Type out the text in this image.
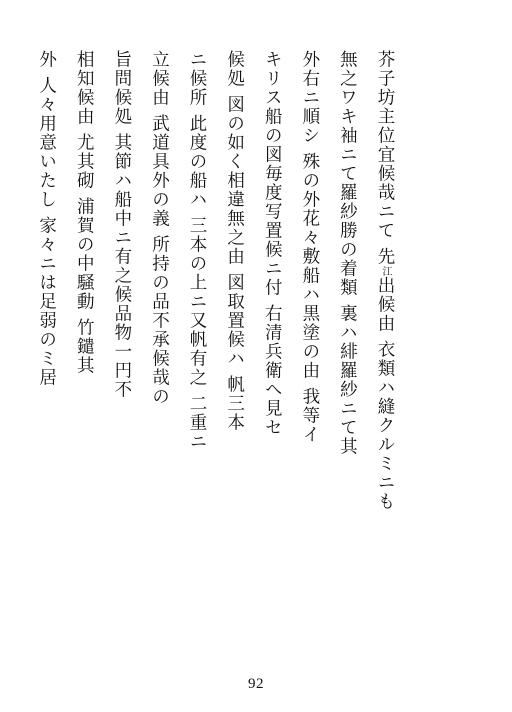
芥子坊主位宜候哉ニて 先江出候由 衣類ハ縫クルミニも
無之ワキ袖ニて羅紗勝の着類 裏ハ緋羅紗ニて其
外右ニ順シ 殊の外花々敷船ハ黒塗の由 我等イ
キリス船の図毎度写置候ニ付 右清兵衛へ見セ
候処 図の如く相違無之由 図取置候ハ 帆三本
ニ候所 此度の船ハ 三本の上ニ又帆有之 二重ニ
立候由 武道具外の義 所持の品不承候哉の
旨問候処 其節ハ船中ニ有之候品物一円不
相知候由 尤其砌 浦賀の中騒動 竹鑓其
外 人々用意いたし 家々ニは足弱のミ居
92
